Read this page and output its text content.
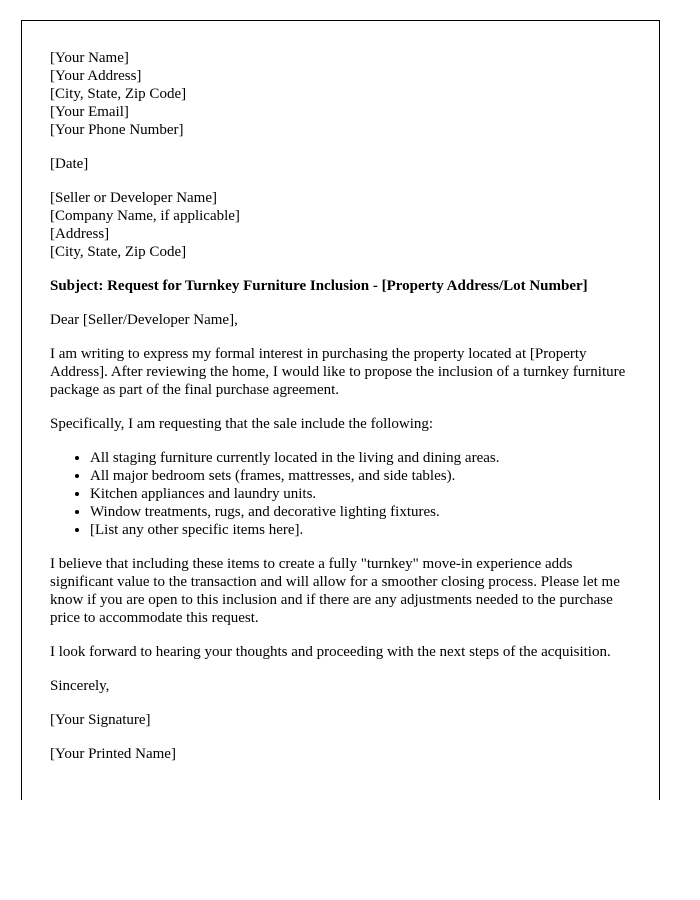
[Your Name]
[Your Address]
[City, State, Zip Code]
[Your Email]
[Your Phone Number]

[Date]

[Seller or Developer Name]
[Company Name, if applicable]
[Address]
[City, State, Zip Code]

Subject: Request for Turnkey Furniture Inclusion - [Property Address/Lot Number]

Dear [Seller/Developer Name],

I am writing to express my formal interest in purchasing the property located at [Property Address]. After reviewing the home, I would like to propose the inclusion of a turnkey furniture package as part of the final purchase agreement.

Specifically, I am requesting that the sale include the following:

• All staging furniture currently located in the living and dining areas.
• All major bedroom sets (frames, mattresses, and side tables).
• Kitchen appliances and laundry units.
• Window treatments, rugs, and decorative lighting fixtures.
• [List any other specific items here].

I believe that including these items to create a fully "turnkey" move-in experience adds significant value to the transaction and will allow for a smoother closing process. Please let me know if you are open to this inclusion and if there are any adjustments needed to the purchase price to accommodate this request.

I look forward to hearing your thoughts and proceeding with the next steps of the acquisition.

Sincerely,

[Your Signature]

[Your Printed Name]
